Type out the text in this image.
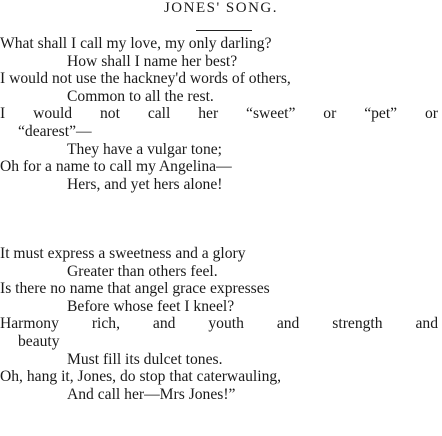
JONES' SONG.
What shall I call my love, my only darling?
How shall I name her best?
I would not use the hackney'd words of others,
Common to all the rest.
I would not call her “sweet” or “pet” or
“dearest”—
They have a vulgar tone;
Oh for a name to call my Angelina—
Hers, and yet hers alone!
It must express a sweetness and a glory
Greater than others feel.
Is there no name that angel grace expresses
Before whose feet I kneel?
Harmony rich, and youth and strength and
beauty
Must fill its dulcet tones.
Oh, hang it, Jones, do stop that caterwauling,
And call her—Mrs Jones!”
